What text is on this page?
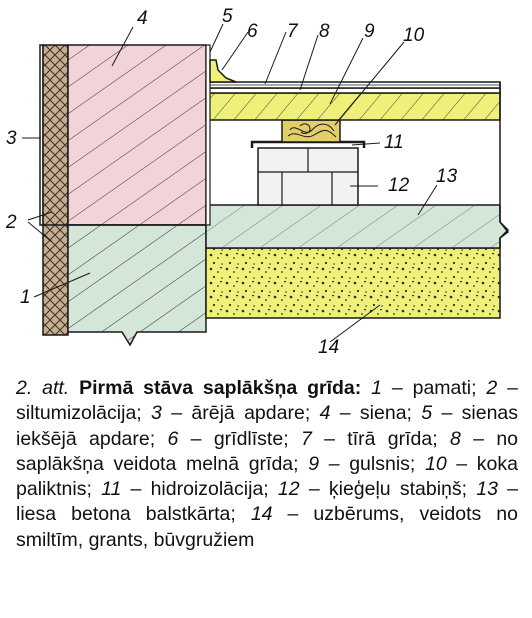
4	5
6 7 8 9 10
11
12 13
3
2
1
14
2. att. Pirmā stāva saplākšņa grīda: 1 – pamati; 2 – siltumizolācija; 3 – ārējā apdare; 4 – siena; 5 – sienas iekšējā apdare; 6 – grīdlīste; 7 – tīrā grīda; 8 – no saplākšņa veidota melnā grīda; 9 – gulsnis; 10 – koka paliktnis; 11 – hidroizolācija; 12 – ķieģeļu stabiņš; 13 – liesa betona balstkārta; 14 – uzbērums, veidots no smiltīm, grants, būvgružiem
